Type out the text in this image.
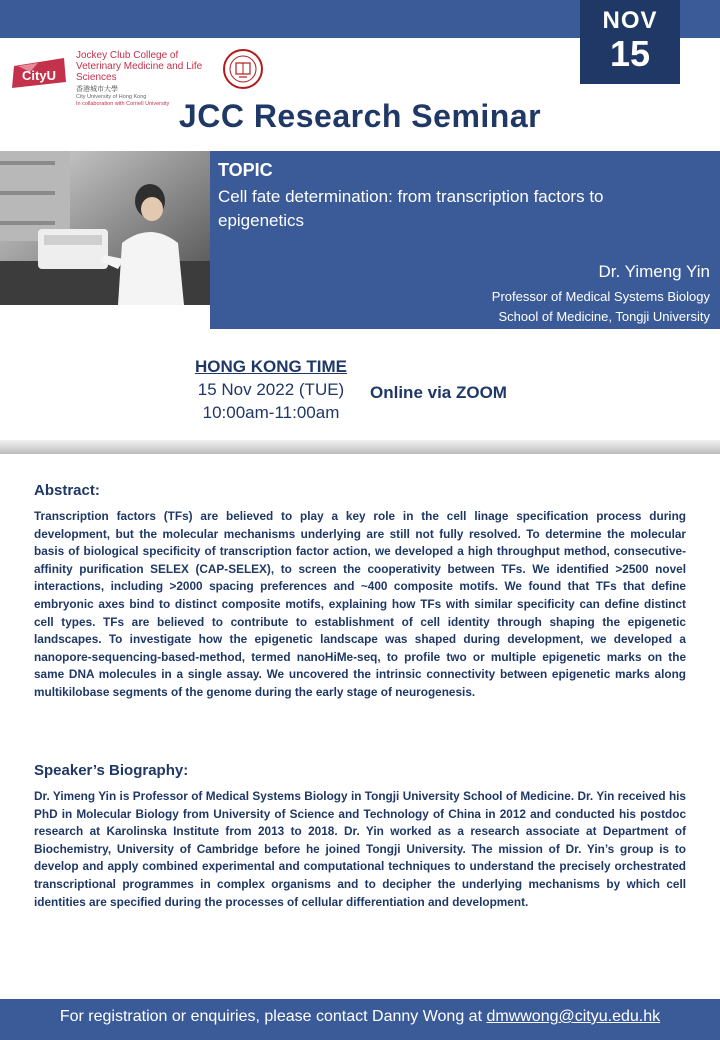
NOV
15
CityU
Jockey Club College of Veterinary Medicine and Life Sciences
香港城市大學
City University of Hong Kong
In collaboration with Cornell University JCC Research Seminar
TOPIC
Cell fate determination: from transcription factors to epigenetics
Dr. Yimeng Yin
Professor of Medical Systems Biology
School of Medicine, Tongji University
HONG KONG TIME
15 Nov 2022 (TUE)
10:00am-11:00am
Online via ZOOM
Abstract:
Transcription factors (TFs) are believed to play a key role in the cell linage specification process during development, but the molecular mechanisms underlying are still not fully resolved. To determine the molecular basis of biological specificity of transcription factor action, we developed a high throughput method, consecutive-affinity purification SELEX (CAP-SELEX), to screen the cooperativity between TFs. We identified >2500 novel interactions, including >2000 spacing preferences and ~400 composite motifs. We found that TFs that define embryonic axes bind to distinct composite motifs, explaining how TFs with similar specificity can define distinct cell types. TFs are believed to contribute to establishment of cell identity through shaping the epigenetic landscapes. To investigate how the epigenetic landscape was shaped during development, we developed a nanopore-sequencing-based-method, termed nanoHiMe-seq, to profile two or multiple epigenetic marks on the same DNA molecules in a single assay. We uncovered the intrinsic connectivity between epigenetic marks along multikilobase segments of the genome during the early stage of neurogenesis.
Speaker’s Biography:
Dr. Yimeng Yin is Professor of Medical Systems Biology in Tongji University School of Medicine. Dr. Yin received his PhD in Molecular Biology from University of Science and Technology of China in 2012 and conducted his postdoc research at Karolinska Institute from 2013 to 2018. Dr. Yin worked as a research associate at Department of Biochemistry, University of Cambridge before he joined Tongji University. The mission of Dr. Yin’s group is to develop and apply combined experimental and computational techniques to understand the precisely orchestrated transcriptional programmes in complex organisms and to decipher the underlying mechanisms by which cell identities are specified during the processes of cellular differentiation and development.
For registration or enquiries, please contact Danny Wong at dmwwong@cityu.edu.hk
